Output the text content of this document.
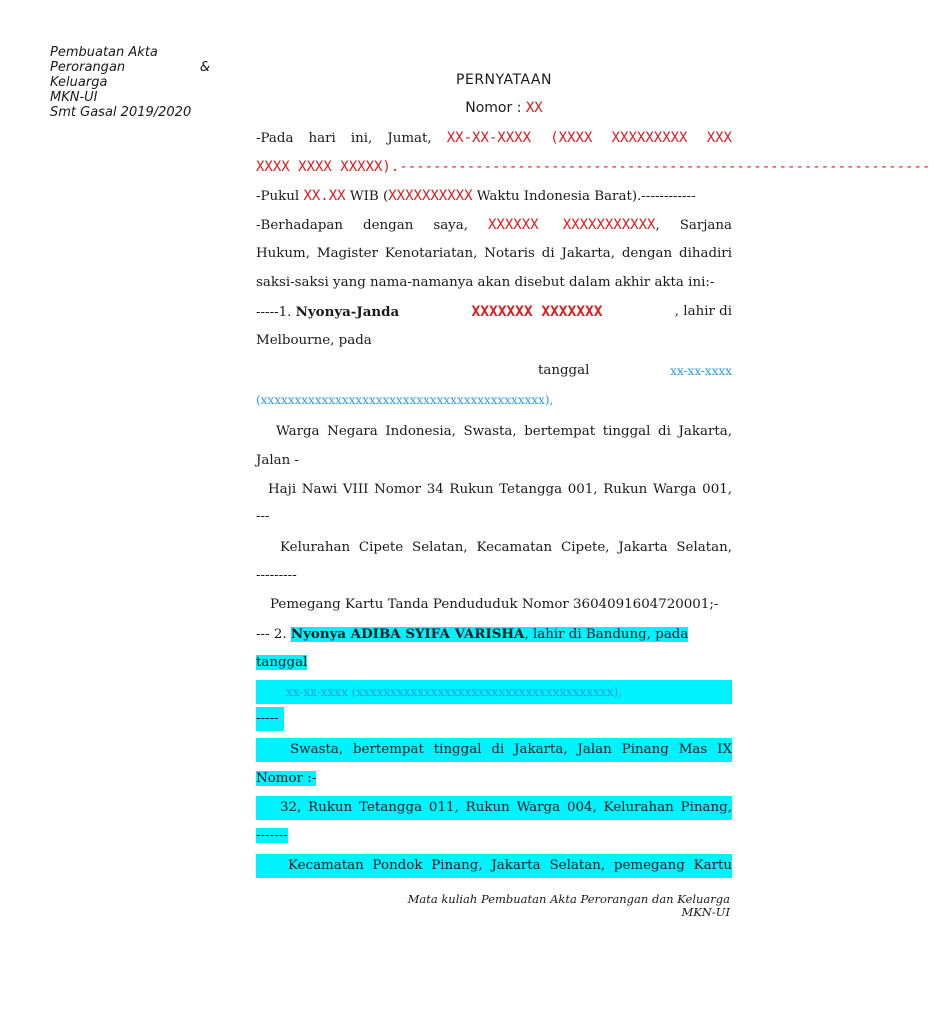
Pembuatan Akta
Perorangan	&
Keluarga
MKN-UI
Smt Gasal 2019/2020
PERNYATAAN
Nomor : XX
-Pada hari ini, Jumat, XX-XX-XXXX (XXXX XXXXXXXXX XXX
XXXX XXXX XXXXX).---------------------------------------------------------------
-Pukul XX.XX WIB (XXXXXXXXXX Waktu Indonesia Barat).------------
-Berhadapan dengan saya, XXXXXX XXXXXXXXXXX, Sarjana
Hukum, Magister Kenotariatan, Notaris di Jakarta, dengan dihadiri
saksi-saksi yang nama-namanya akan disebut dalam akhir akta ini:-
-----1. Nyonya-Janda	XXXXXXX XXXXXXX	, lahir di
Melbourne, pada
tanggal	xx-xx-xxxx
(xxxxxxxxxxxxxxxxxxxxxxxxxxxxxxxxxxxxxxxxxx),
Warga Negara Indonesia, Swasta, bertempat tinggal di Jakarta,
Jalan -
Haji Nawi VIII Nomor 34 Rukun Tetangga 001, Rukun Warga 001,
---
Kelurahan Cipete Selatan, Kecamatan Cipete, Jakarta Selatan,
---------
Pemegang Kartu Tanda Pendududuk Nomor 3604091604720001;-
--- 2. Nyonya ADIBA SYIFA VARISHA, lahir di Bandung, pada
tanggal
xx-xx-xxxx (xxxxxxxxxxxxxxxxxxxxxxxxxxxxxxxxxxxxxx),
-----
Swasta, bertempat tinggal di Jakarta, Jalan Pinang Mas IX
Nomor :-
32, Rukun Tetangga 011, Rukun Warga 004, Kelurahan Pinang,
-------
Kecamatan Pondok Pinang, Jakarta Selatan, pemegang Kartu
Mata kuliah Pembuatan Akta Perorangan dan Keluarga
MKN-UI
